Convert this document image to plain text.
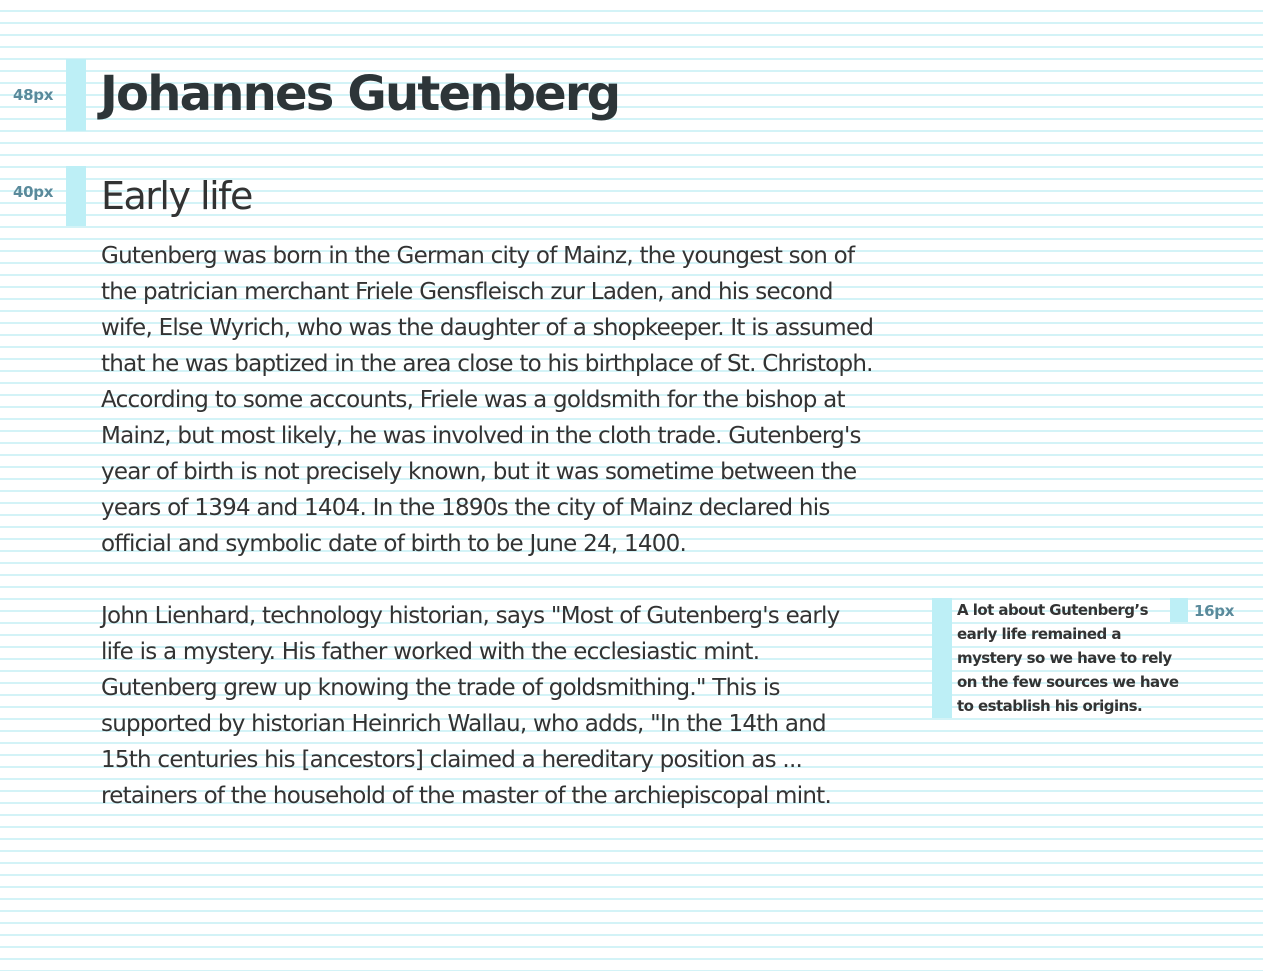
48px
40px
Johannes Gutenberg
Early life

Gutenberg was born in the German city of Mainz, the youngest son of
the patrician merchant Friele Gensfleisch zur Laden, and his second
wife, Else Wyrich, who was the daughter of a shopkeeper. It is assumed
that he was baptized in the area close to his birthplace of St. Christoph.
According to some accounts, Friele was a goldsmith for the bishop at
Mainz, but most likely, he was involved in the cloth trade. Gutenberg's
year of birth is not precisely known, but it was sometime between the
years of 1394 and 1404. In the 1890s the city of Mainz declared his
official and symbolic date of birth to be June 24, 1400.

John Lienhard, technology historian, says "Most of Gutenberg's early
life is a mystery. His father worked with the ecclesiastic mint.
Gutenberg grew up knowing the trade of goldsmithing." This is
supported by historian Heinrich Wallau, who adds, "In the 14th and
15th centuries his [ancestors] claimed a hereditary position as ...
retainers of the household of the master of the archiepiscopal mint.

16px

A lot about Gutenberg’s
early life remained a
mystery so we have to rely
on the few sources we have
to establish his origins.
